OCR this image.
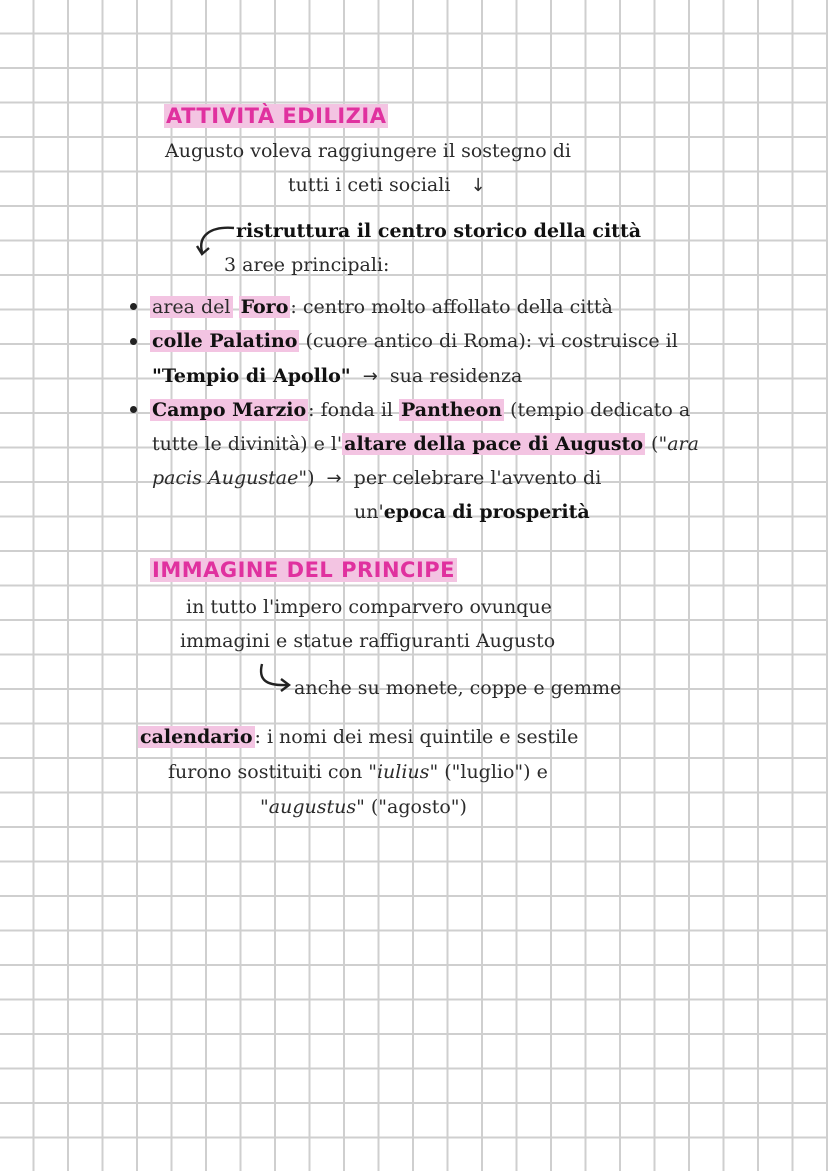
ATTIVITÀ EDILIZIA
Augusto voleva raggiungere il sostegno di
tutti i ceti sociali ↓
ristruttura il centro storico della città
3 aree principali:
area del Foro : centro molto affollato della città
colle Palatino (cuore antico di Roma): vi costruisce il
"Tempio di Apollo" → sua residenza
Campo Marzio : fonda il Pantheon (tempio dedicato a
tutte le divinità) e l' altare della pace di Augusto ("ara
pacis Augustae") → per celebrare l'avvento di
un'epoca di prosperità
IMMAGINE DEL PRINCIPE
in tutto l'impero comparvero ovunque
immagini e statue raffiguranti Augusto
anche su monete, coppe e gemme
calendario : i nomi dei mesi quintile e sestile
furono sostituiti con "iulius" ("luglio") e
"augustus" ("agosto")
